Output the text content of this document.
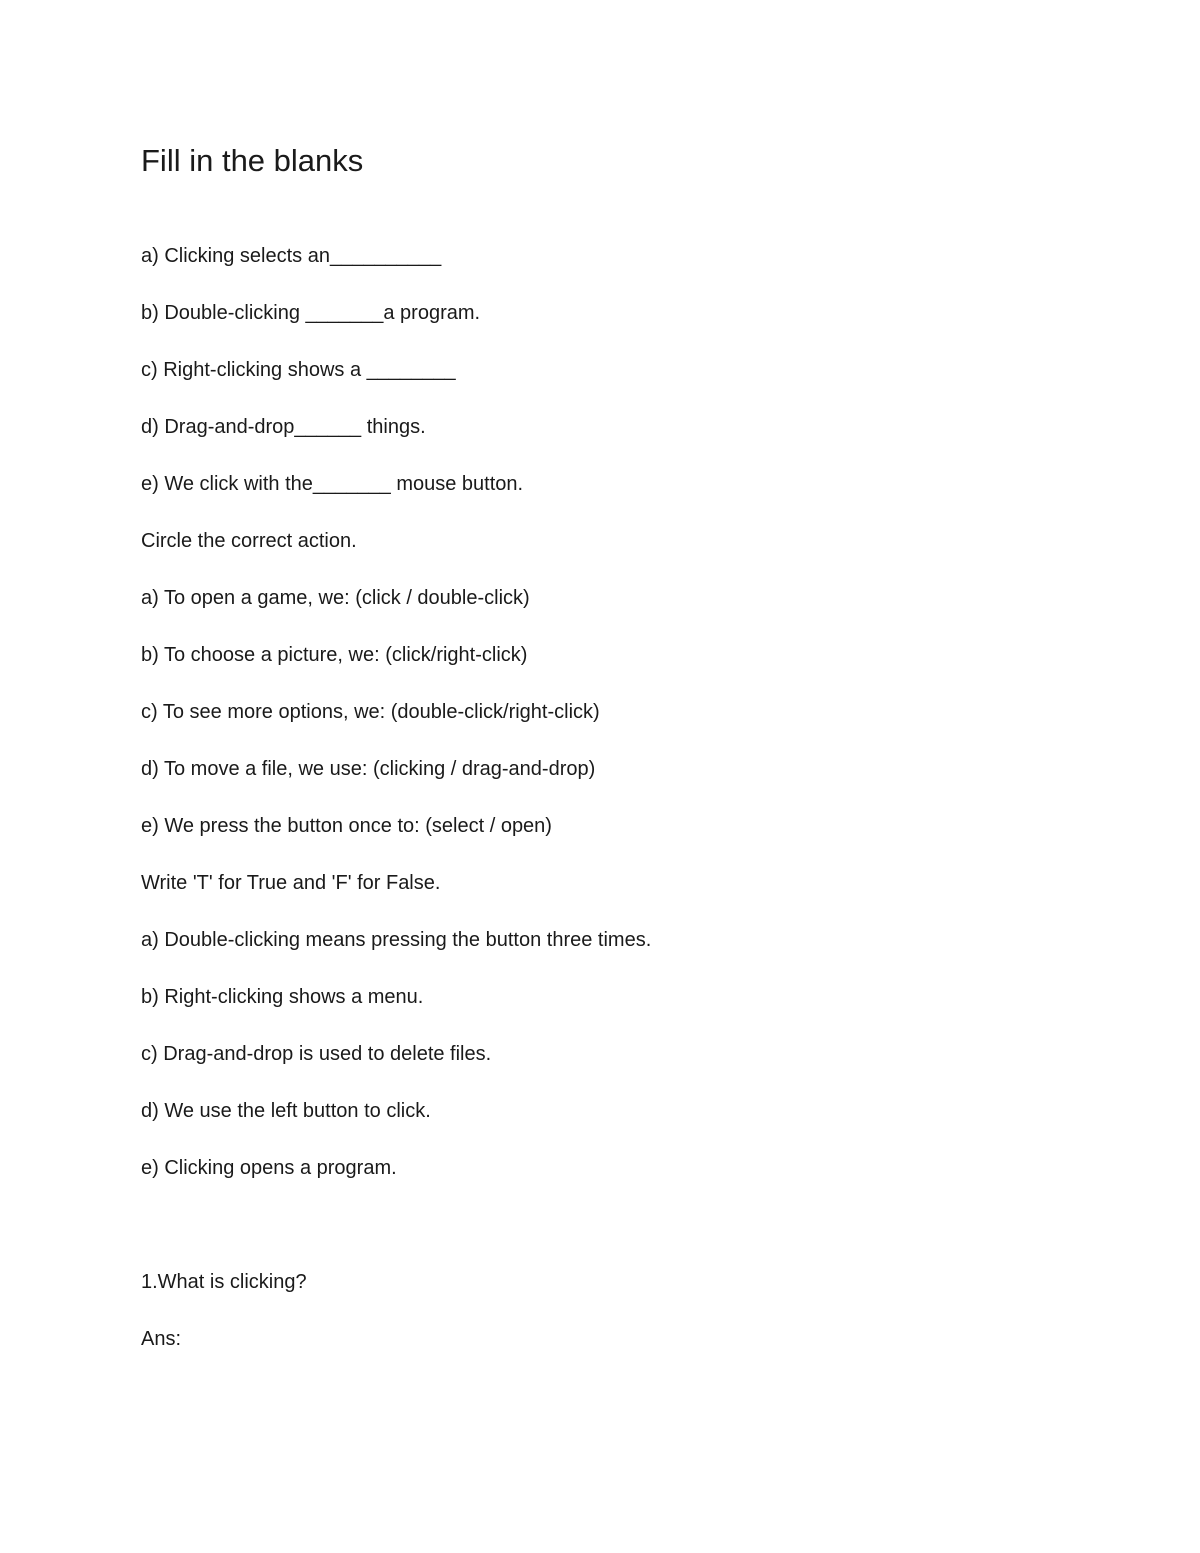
Fill in the blanks

a) Clicking selects an__________

b) Double-clicking _______a program.

c) Right-clicking shows a ________

d) Drag-and-drop______ things.

e) We click with the_______ mouse button.

Circle the correct action.

a) To open a game, we: (click / double-click)

b) To choose a picture, we: (click/right-click)

c) To see more options, we: (double-click/right-click)

d) To move a file, we use: (clicking / drag-and-drop)

e) We press the button once to: (select / open)

Write 'T' for True and 'F' for False.

a) Double-clicking means pressing the button three times.

b) Right-clicking shows a menu.

c) Drag-and-drop is used to delete files.

d) We use the left button to click.

e) Clicking opens a program.

1.What is clicking?

Ans:
